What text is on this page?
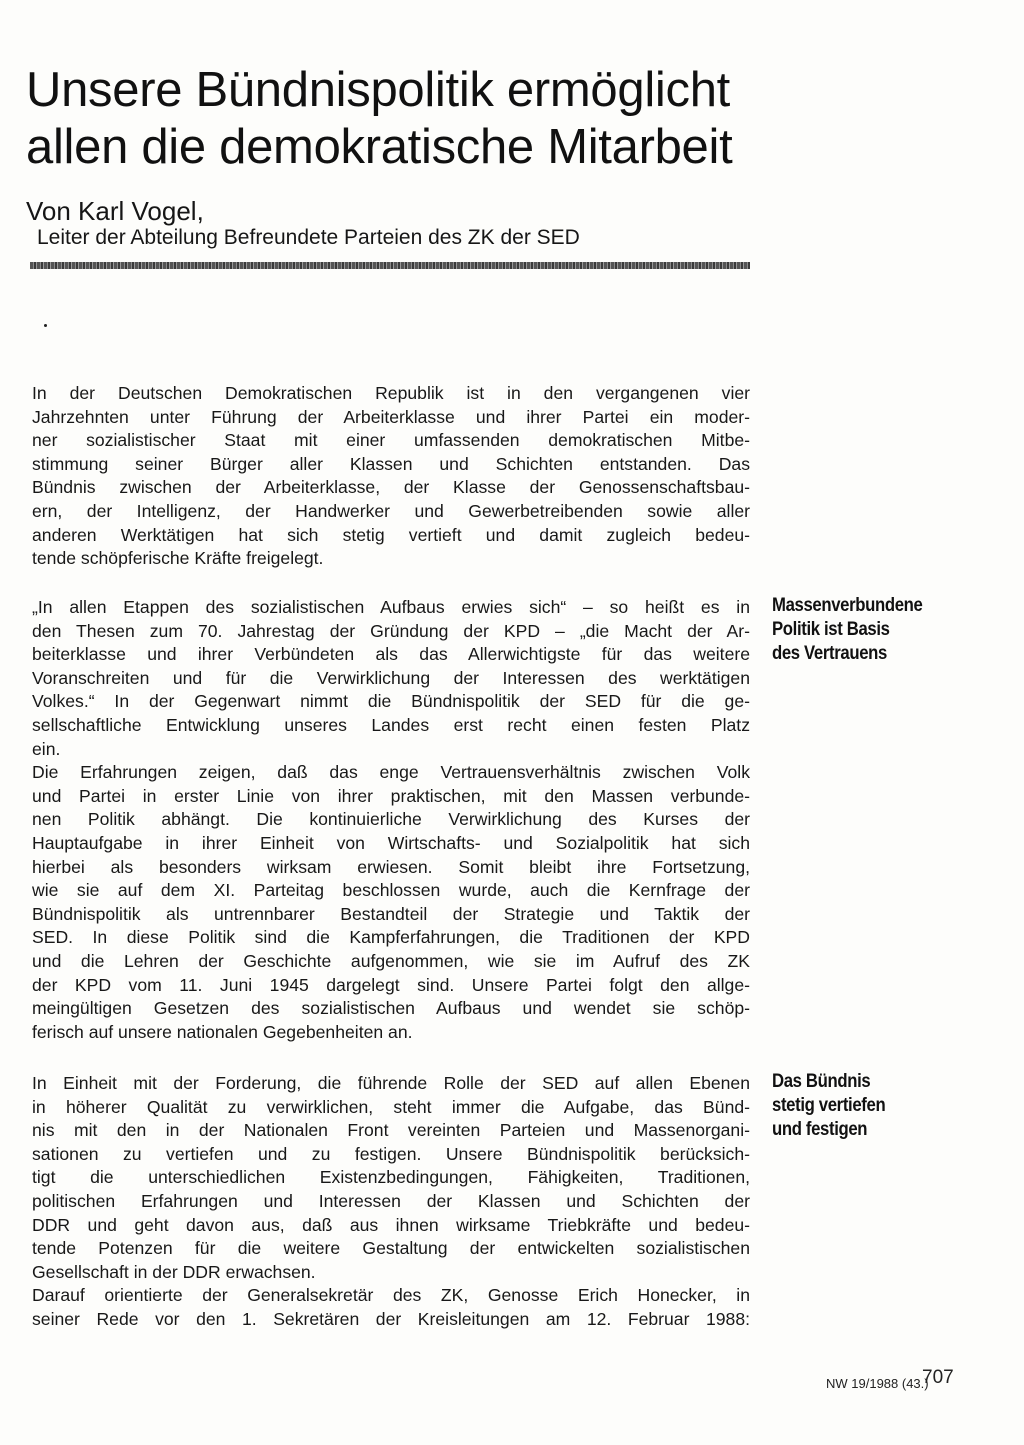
Unsere Bündnispolitik ermöglicht
allen die demokratische Mitarbeit
Von Karl Vogel,
Leiter der Abteilung Befreundete Parteien des ZK der SED

In der Deutschen Demokratischen Republik ist in den vergangenen vier
Jahrzehnten unter Führung der Arbeiterklasse und ihrer Partei ein moder-
ner sozialistischer Staat mit einer umfassenden demokratischen Mitbe-
stimmung seiner Bürger aller Klassen und Schichten entstanden. Das
Bündnis zwischen der Arbeiterklasse, der Klasse der Genossenschaftsbau-
ern, der Intelligenz, der Handwerker und Gewerbetreibenden sowie aller
anderen Werktätigen hat sich stetig vertieft und damit zugleich bedeu-
tende schöpferische Kräfte freigelegt.

Massenverbundene
Politik ist Basis
des Vertrauens

„In allen Etappen des sozialistischen Aufbaus erwies sich“ – so heißt es in
den Thesen zum 70. Jahrestag der Gründung der KPD – „die Macht der Ar-
beiterklasse und ihrer Verbündeten als das Allerwichtigste für das weitere
Voranschreiten und für die Verwirklichung der Interessen des werktätigen
Volkes.“ In der Gegenwart nimmt die Bündnispolitik der SED für die ge-
sellschaftliche Entwicklung unseres Landes erst recht einen festen Platz
ein.

Die Erfahrungen zeigen, daß das enge Vertrauensverhältnis zwischen Volk
und Partei in erster Linie von ihrer praktischen, mit den Massen verbunde-
nen Politik abhängt. Die kontinuierliche Verwirklichung des Kurses der
Hauptaufgabe in ihrer Einheit von Wirtschafts- und Sozialpolitik hat sich
hierbei als besonders wirksam erwiesen. Somit bleibt ihre Fortsetzung,
wie sie auf dem XI. Parteitag beschlossen wurde, auch die Kernfrage der
Bündnispolitik als untrennbarer Bestandteil der Strategie und Taktik der
SED. In diese Politik sind die Kampferfahrungen, die Traditionen der KPD
und die Lehren der Geschichte aufgenommen, wie sie im Aufruf des ZK
der KPD vom 11. Juni 1945 dargelegt sind. Unsere Partei folgt den allge-
meingültigen Gesetzen des sozialistischen Aufbaus und wendet sie schöp-
ferisch auf unsere nationalen Gegebenheiten an.

Das Bündnis
stetig vertiefen
und festigen

In Einheit mit der Forderung, die führende Rolle der SED auf allen Ebenen
in höherer Qualität zu verwirklichen, steht immer die Aufgabe, das Bünd-
nis mit den in der Nationalen Front vereinten Parteien und Massenorgani-
sationen zu vertiefen und zu festigen. Unsere Bündnispolitik berücksich-
tigt die unterschiedlichen Existenzbedingungen, Fähigkeiten, Traditionen,
politischen Erfahrungen und Interessen der Klassen und Schichten der
DDR und geht davon aus, daß aus ihnen wirksame Triebkräfte und bedeu-
tende Potenzen für die weitere Gestaltung der entwickelten sozialistischen
Gesellschaft in der DDR erwachsen.

Darauf orientierte der Generalsekretär des ZK, Genosse Erich Honecker, in
seiner Rede vor den 1. Sekretären der Kreisleitungen am 12. Februar 1988:

NW 19/1988 (43.)
707
